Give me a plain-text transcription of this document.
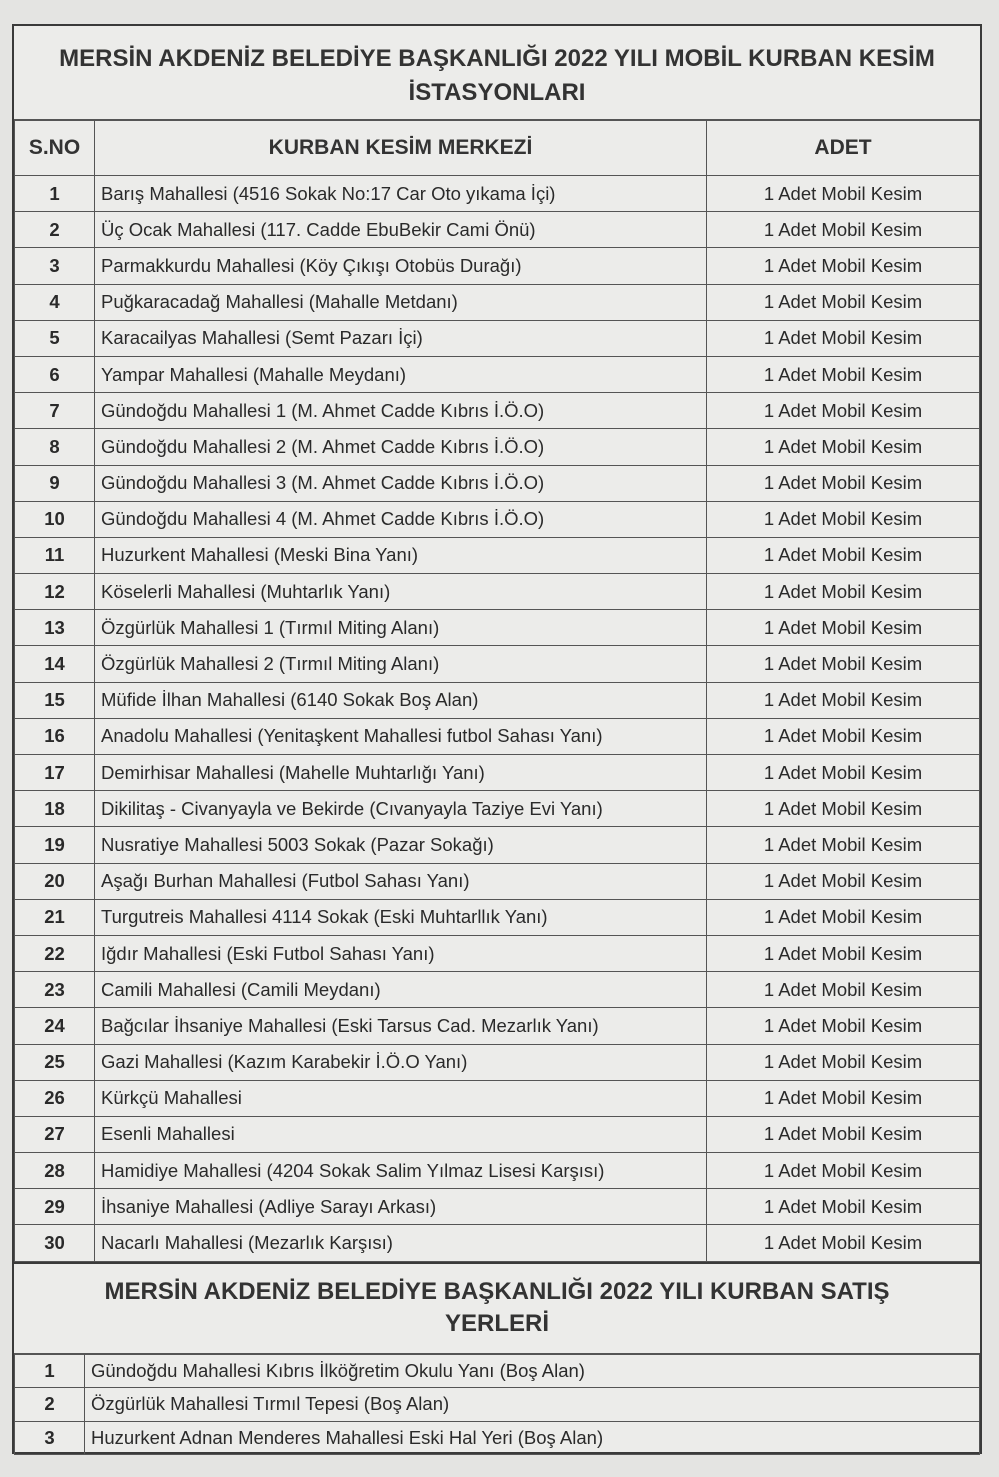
MERSİN AKDENİZ BELEDİYE BAŞKANLIĞI 2022 YILI MOBİL KURBAN KESİM İSTASYONLARI
S.NO	KURBAN KESİM MERKEZİ	ADET
1	Barış Mahallesi (4516 Sokak No:17 Car Oto yıkama İçi)	1 Adet Mobil Kesim
2	Üç Ocak Mahallesi (117. Cadde EbuBekir Cami Önü)	1 Adet Mobil Kesim
3	Parmakkurdu Mahallesi (Köy Çıkışı Otobüs Durağı)	1 Adet Mobil Kesim
4	Puğkaracadağ Mahallesi (Mahalle Metdanı)	1 Adet Mobil Kesim
5	Karacailyas Mahallesi (Semt Pazarı İçi)	1 Adet Mobil Kesim
6	Yampar Mahallesi (Mahalle Meydanı)	1 Adet Mobil Kesim
7	Gündoğdu Mahallesi 1 (M. Ahmet Cadde Kıbrıs İ.Ö.O)	1 Adet Mobil Kesim
8	Gündoğdu Mahallesi 2 (M. Ahmet Cadde Kıbrıs İ.Ö.O)	1 Adet Mobil Kesim
9	Gündoğdu Mahallesi 3 (M. Ahmet Cadde Kıbrıs İ.Ö.O)	1 Adet Mobil Kesim
10	Gündoğdu Mahallesi 4 (M. Ahmet Cadde Kıbrıs İ.Ö.O)	1 Adet Mobil Kesim
11	Huzurkent Mahallesi (Meski Bina Yanı)	1 Adet Mobil Kesim
12	Köselerli Mahallesi (Muhtarlık Yanı)	1 Adet Mobil Kesim
13	Özgürlük Mahallesi 1 (Tırmıl Miting Alanı)	1 Adet Mobil Kesim
14	Özgürlük Mahallesi 2 (Tırmıl Miting Alanı)	1 Adet Mobil Kesim
15	Müfide İlhan Mahallesi (6140 Sokak Boş Alan)	1 Adet Mobil Kesim
16	Anadolu Mahallesi (Yenitaşkent Mahallesi futbol Sahası Yanı)	1 Adet Mobil Kesim
17	Demirhisar Mahallesi (Mahelle Muhtarlığı Yanı)	1 Adet Mobil Kesim
18	Dikilitaş - Civanyayla ve Bekirde (Cıvanyayla Taziye Evi Yanı)	1 Adet Mobil Kesim
19	Nusratiye Mahallesi 5003 Sokak (Pazar Sokağı)	1 Adet Mobil Kesim
20	Aşağı Burhan Mahallesi (Futbol Sahası Yanı)	1 Adet Mobil Kesim
21	Turgutreis Mahallesi 4114 Sokak (Eski Muhtarllık Yanı)	1 Adet Mobil Kesim
22	Iğdır Mahallesi (Eski Futbol Sahası Yanı)	1 Adet Mobil Kesim
23	Camili Mahallesi (Camili Meydanı)	1 Adet Mobil Kesim
24	Bağcılar İhsaniye Mahallesi (Eski Tarsus Cad. Mezarlık Yanı)	1 Adet Mobil Kesim
25	Gazi Mahallesi (Kazım Karabekir İ.Ö.O Yanı)	1 Adet Mobil Kesim
26	Kürkçü Mahallesi	1 Adet Mobil Kesim
27	Esenli Mahallesi	1 Adet Mobil Kesim
28	Hamidiye Mahallesi (4204 Sokak Salim Yılmaz Lisesi Karşısı)	1 Adet Mobil Kesim
29	İhsaniye Mahallesi (Adliye Sarayı Arkası)	1 Adet Mobil Kesim
30	Nacarlı Mahallesi (Mezarlık Karşısı)	1 Adet Mobil Kesim
MERSİN AKDENİZ BELEDİYE BAŞKANLIĞI 2022 YILI KURBAN SATIŞ YERLERİ
1	Gündoğdu Mahallesi Kıbrıs İlköğretim Okulu Yanı (Boş Alan)
2	Özgürlük Mahallesi Tırmıl Tepesi (Boş Alan)
3	Huzurkent Adnan Menderes Mahallesi Eski Hal Yeri (Boş Alan)
